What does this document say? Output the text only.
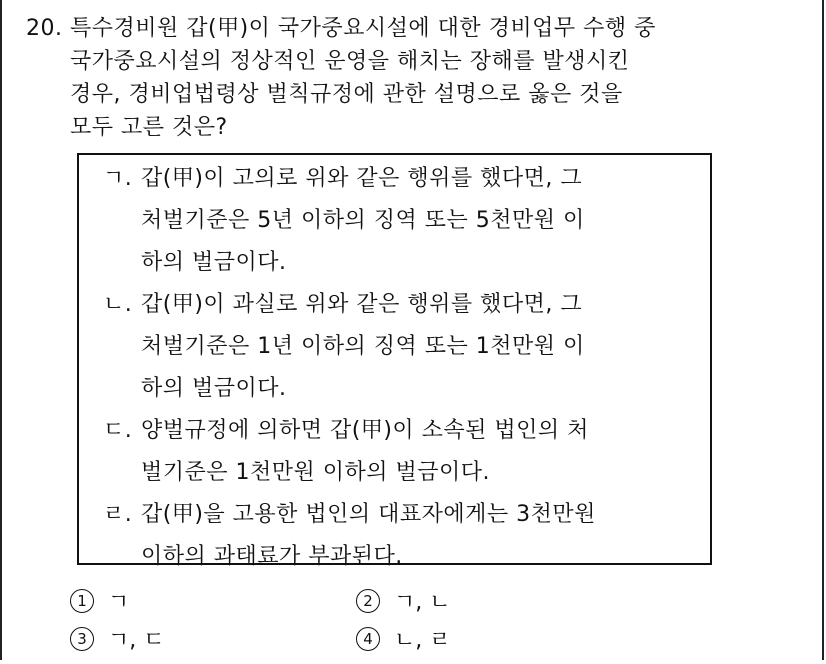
20. 특수경비원 갑(甲)이 국가중요시설에 대한 경비업무 수행 중
국가중요시설의 정상적인 운영을 해치는 장해를 발생시킨
경우, 경비업법령상 벌칙규정에 관한 설명으로 옳은 것을
모두 고른 것은?
ㄱ. 갑(甲)이 고의로 위와 같은 행위를 했다면, 그
처벌기준은 5년 이하의 징역 또는 5천만원 이
하의 벌금이다.
ㄴ. 갑(甲)이 과실로 위와 같은 행위를 했다면, 그
처벌기준은 1년 이하의 징역 또는 1천만원 이
하의 벌금이다.
ㄷ. 양벌규정에 의하면 갑(甲)이 소속된 법인의 처
벌기준은 1천만원 이하의 벌금이다.
ㄹ. 갑(甲)을 고용한 법인의 대표자에게는 3천만원
이하의 과태료가 부과된다.
1 ㄱ	2 ㄱ, ㄴ
3 ㄱ, ㄷ	4 ㄴ, ㄹ
